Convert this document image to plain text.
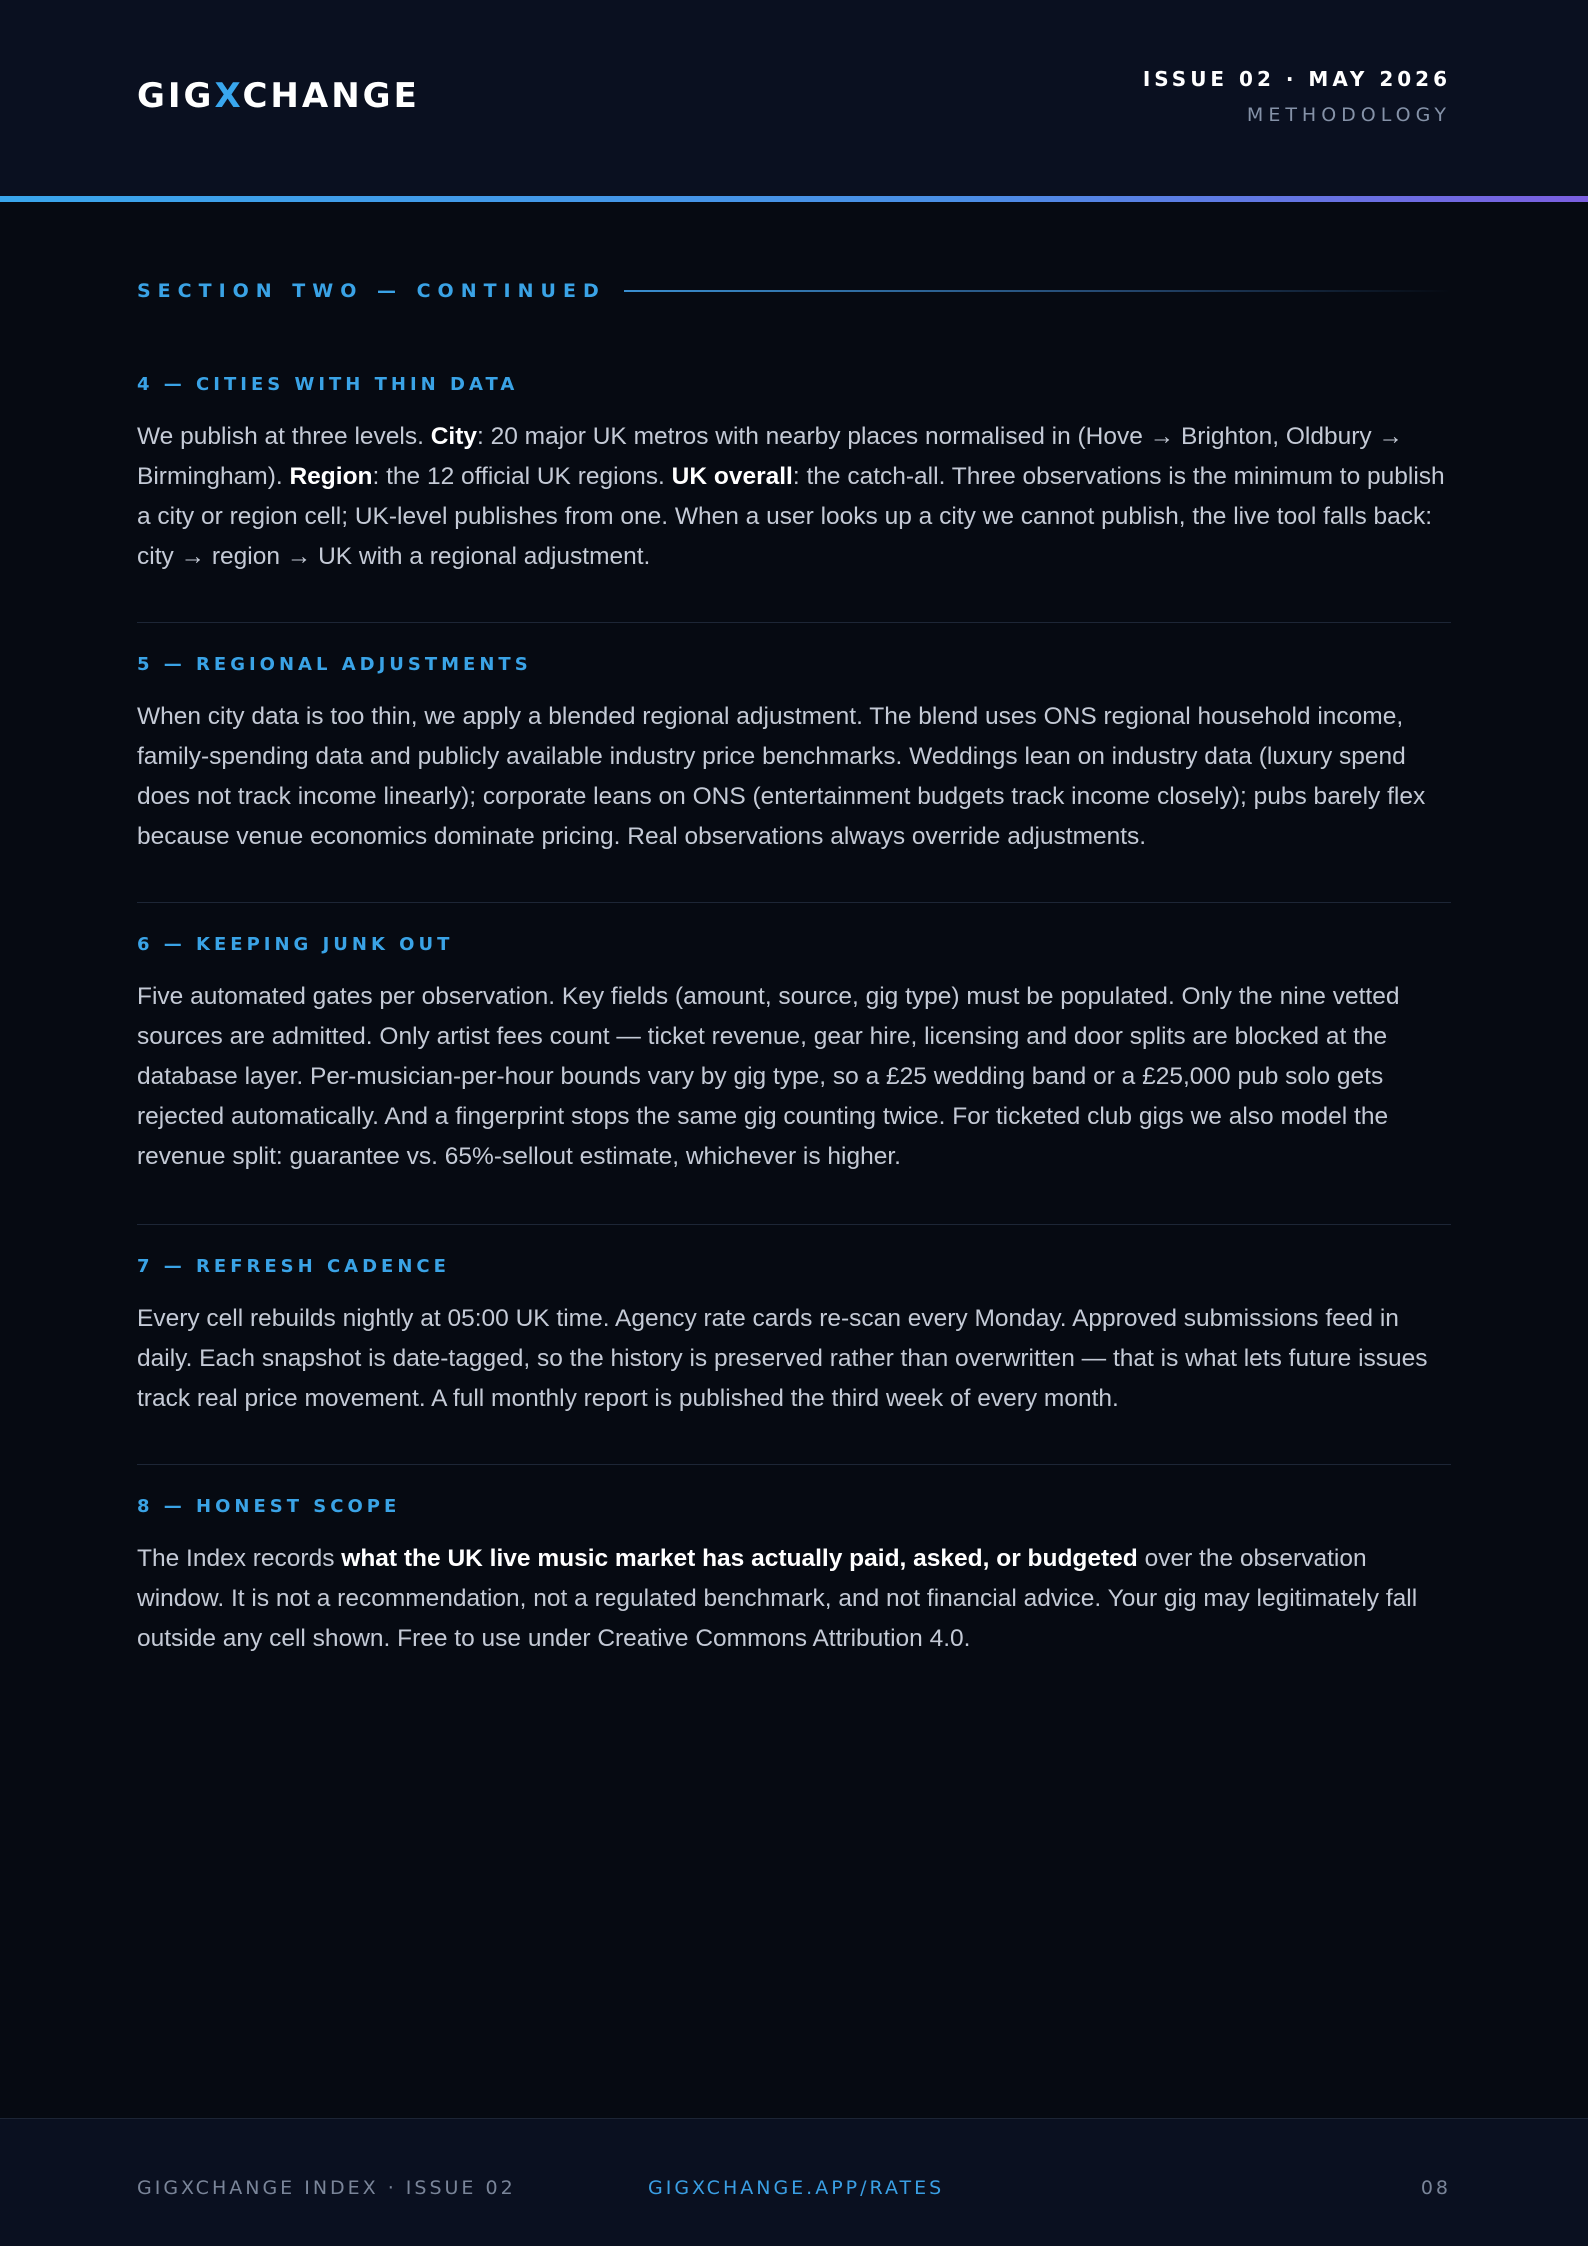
GIGXCHANGE	ISSUE 02 · MAY 2026
METHODOLOGY
SECTION TWO — CONTINUED
4 — CITIES WITH THIN DATA
We publish at three levels. City: 20 major UK metros with nearby places normalised in (Hove → Brighton, Oldbury → Birmingham). Region: the 12 official UK regions. UK overall: the catch-all. Three observations is the minimum to publish a city or region cell; UK-level publishes from one. When a user looks up a city we cannot publish, the live tool falls back: city → region → UK with a regional adjustment.
5 — REGIONAL ADJUSTMENTS
When city data is too thin, we apply a blended regional adjustment. The blend uses ONS regional household income, family-spending data and publicly available industry price benchmarks. Weddings lean on industry data (luxury spend does not track income linearly); corporate leans on ONS (entertainment budgets track income closely); pubs barely flex because venue economics dominate pricing. Real observations always override adjustments.
6 — KEEPING JUNK OUT
Five automated gates per observation. Key fields (amount, source, gig type) must be populated. Only the nine vetted sources are admitted. Only artist fees count — ticket revenue, gear hire, licensing and door splits are blocked at the database layer. Per-musician-per-hour bounds vary by gig type, so a £25 wedding band or a £25,000 pub solo gets rejected automatically. And a fingerprint stops the same gig counting twice. For ticketed club gigs we also model the revenue split: guarantee vs. 65%-sellout estimate, whichever is higher.
7 — REFRESH CADENCE
Every cell rebuilds nightly at 05:00 UK time. Agency rate cards re-scan every Monday. Approved submissions feed in daily. Each snapshot is date-tagged, so the history is preserved rather than overwritten — that is what lets future issues track real price movement. A full monthly report is published the third week of every month.
8 — HONEST SCOPE
The Index records what the UK live music market has actually paid, asked, or budgeted over the observation window. It is not a recommendation, not a regulated benchmark, and not financial advice. Your gig may legitimately fall outside any cell shown. Free to use under Creative Commons Attribution 4.0.
GIGXCHANGE INDEX · ISSUE 02	GIGXCHANGE.APP/RATES	08
